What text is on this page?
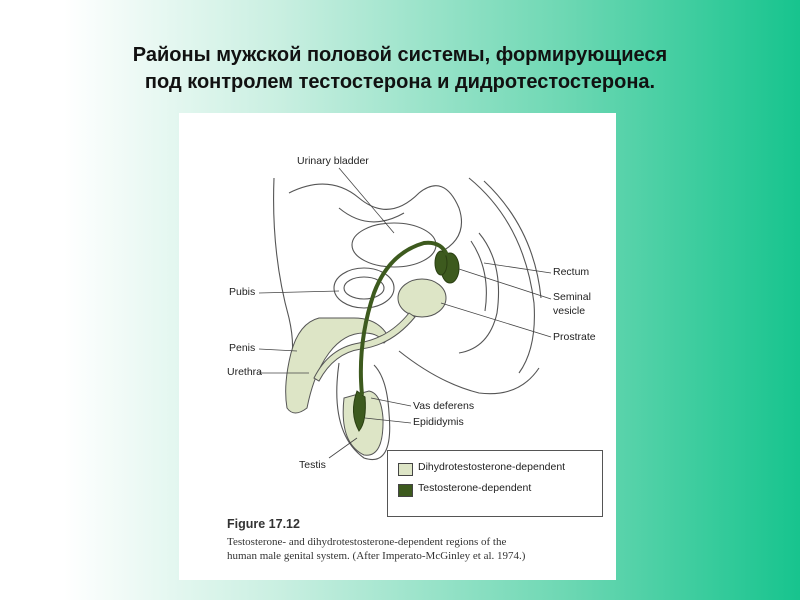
Районы мужской половой системы, формирующиеся
под контролем тестостерона и дидротестостерона.
Urinary bladder
Pubis
Penis
Urethra
Testis
Rectum
Seminal
vesicle
Prostrate
Vas deferens
Epididymis
Dihydrotestosterone-dependent
Testosterone-dependent
Figure 17.12
Testosterone- and dihydrotestosterone-dependent regions of the
human male genital system. (After Imperato-McGinley et al. 1974.)
